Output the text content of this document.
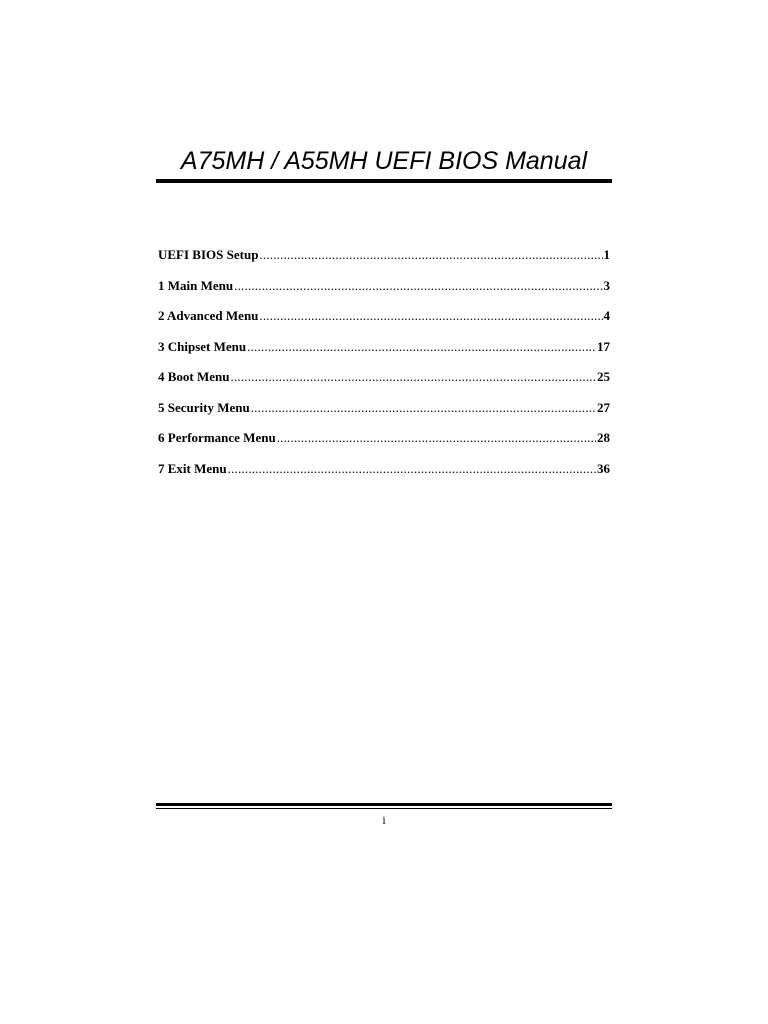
A75MH / A55MH UEFI BIOS Manual
UEFI BIOS Setup .....	1
1 Main Menu .....	3
2 Advanced Menu .....	4
3 Chipset Menu .....	17
4 Boot Menu .....	25
5 Security Menu .....	27
6 Performance Menu .....	28
7 Exit Menu .....	36
i
